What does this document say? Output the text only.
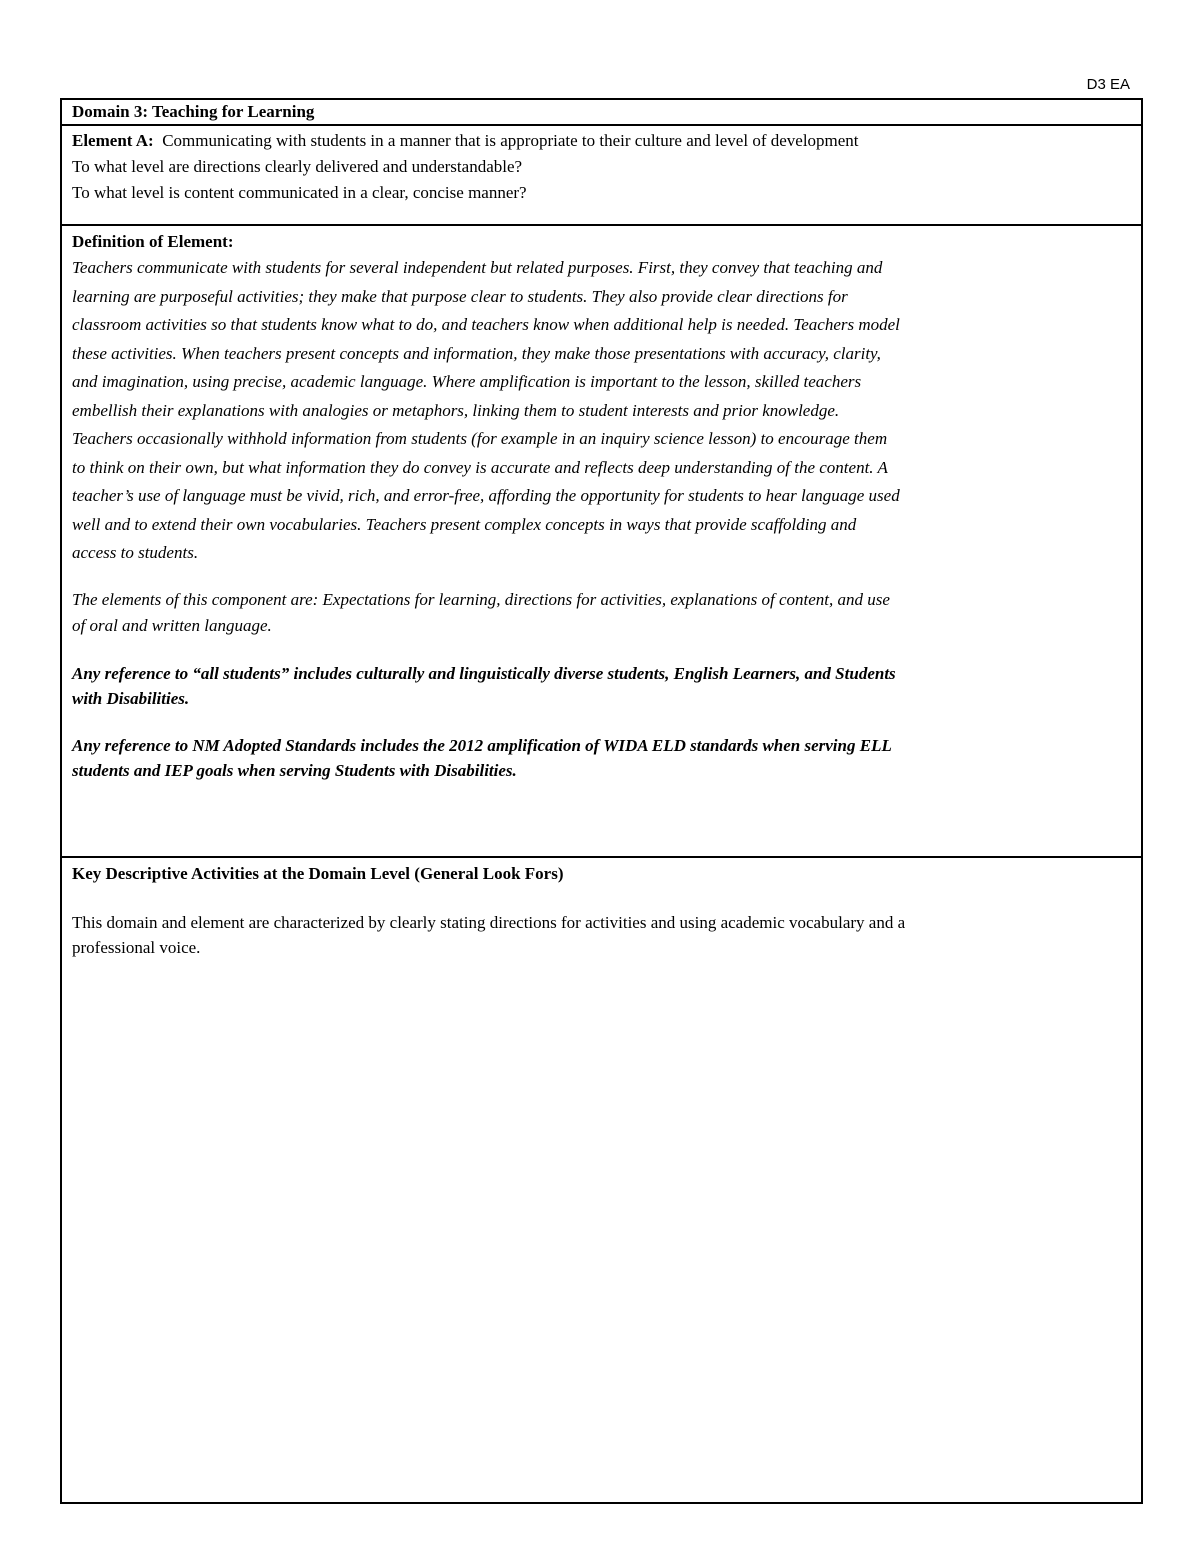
D3 EA
Domain 3: Teaching for Learning
Element A: Communicating with students in a manner that is appropriate to their culture and level of development
To what level are directions clearly delivered and understandable?
To what level is content communicated in a clear, concise manner?
Definition of Element:

Teachers communicate with students for several independent but related purposes. First, they convey that teaching and
learning are purposeful activities; they make that purpose clear to students. They also provide clear directions for
classroom activities so that students know what to do, and teachers know when additional help is needed. Teachers model
these activities. When teachers present concepts and information, they make those presentations with accuracy, clarity,
and imagination, using precise, academic language. Where amplification is important to the lesson, skilled teachers
embellish their explanations with analogies or metaphors, linking them to student interests and prior knowledge.
Teachers occasionally withhold information from students (for example in an inquiry science lesson) to encourage them
to think on their own, but what information they do convey is accurate and reflects deep understanding of the content. A
teacher’s use of language must be vivid, rich, and error-free, affording the opportunity for students to hear language used
well and to extend their own vocabularies. Teachers present complex concepts in ways that provide scaffolding and
access to students.

The elements of this component are: Expectations for learning, directions for activities, explanations of content, and use
of oral and written language.

Any reference to “all students” includes culturally and linguistically diverse students, English Learners, and Students
with Disabilities.

Any reference to NM Adopted Standards includes the 2012 amplification of WIDA ELD standards when serving ELL
students and IEP goals when serving Students with Disabilities.

Key Descriptive Activities at the Domain Level (General Look Fors)

This domain and element are characterized by clearly stating directions for activities and using academic vocabulary and a
professional voice.
